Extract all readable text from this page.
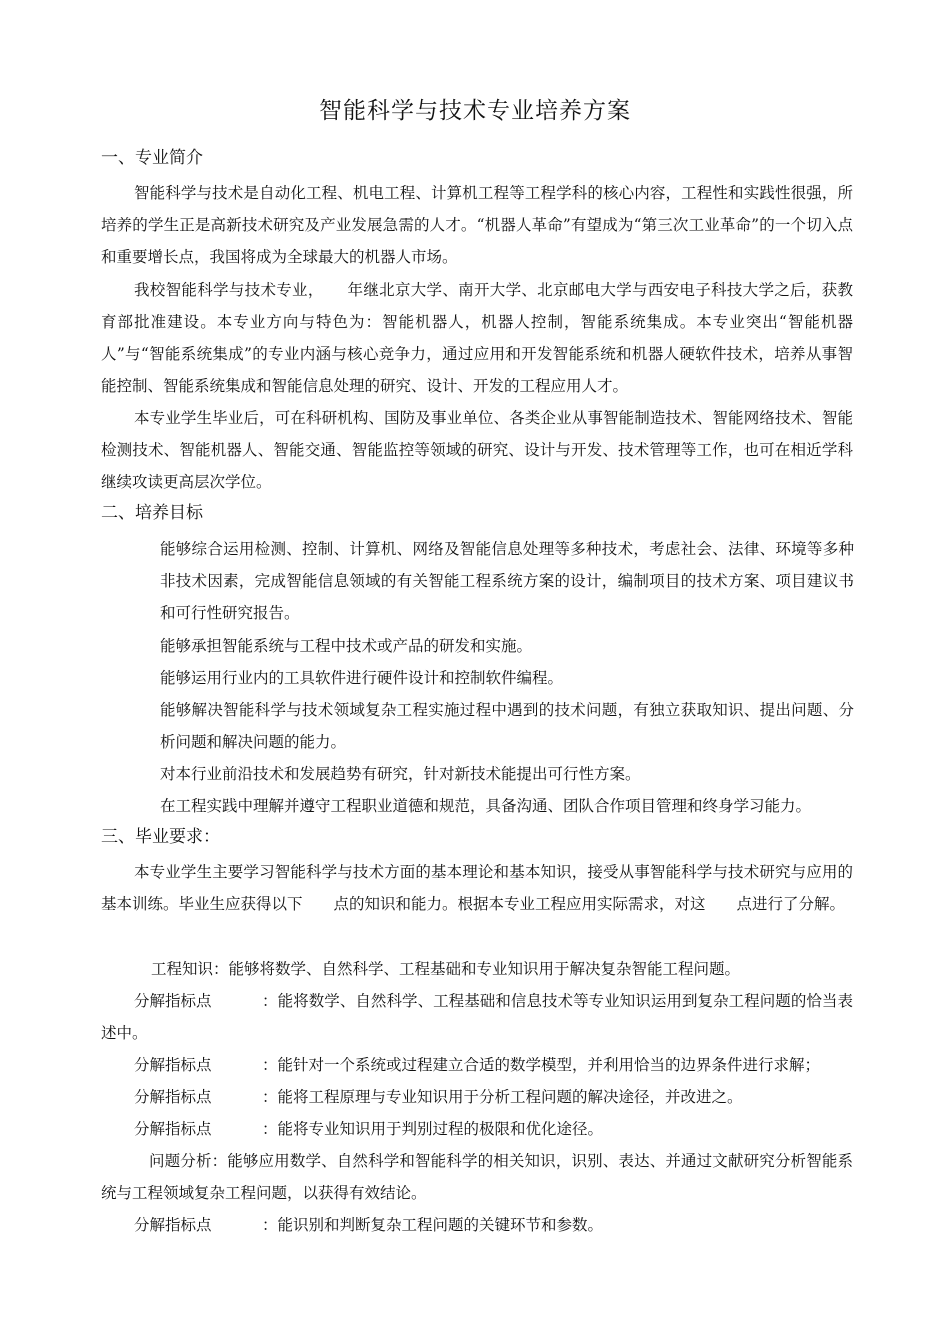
智能科学与技术专业培养方案
一、专业简介
智能科学与技术是自动化工程、机电工程、计算机工程等工程学科的核心内容，工程性和实践性很强，所培养的学生正是高新技术研究及产业发展急需的人才。“机器人革命”有望成为“第三次工业革命”的一个切入点和重要增长点，我国将成为全球最大的机器人市场。
我校智能科学与技术专业，　　年继北京大学、南开大学、北京邮电大学与西安电子科技大学之后，获教育部批准建设。本专业方向与特色为：智能机器人，机器人控制，智能系统集成。本专业突出“智能机器人”与“智能系统集成”的专业内涵与核心竞争力，通过应用和开发智能系统和机器人硬软件技术，培养从事智能控制、智能系统集成和智能信息处理的研究、设计、开发的工程应用人才。
本专业学生毕业后，可在科研机构、国防及事业单位、各类企业从事智能制造技术、智能网络技术、智能检测技术、智能机器人、智能交通、智能监控等领域的研究、设计与开发、技术管理等工作，也可在相近学科继续攻读更高层次学位。
二、培养目标
能够综合运用检测、控制、计算机、网络及智能信息处理等多种技术，考虑社会、法律、环境等多种非技术因素，完成智能信息领域的有关智能工程系统方案的设计，编制项目的技术方案、项目建议书和可行性研究报告。
能够承担智能系统与工程中技术或产品的研发和实施。
能够运用行业内的工具软件进行硬件设计和控制软件编程。
能够解决智能科学与技术领域复杂工程实施过程中遇到的技术问题，有独立获取知识、提出问题、分析问题和解决问题的能力。
对本行业前沿技术和发展趋势有研究，针对新技术能提出可行性方案。
在工程实践中理解并遵守工程职业道德和规范，具备沟通、团队合作项目管理和终身学习能力。
三、毕业要求：
本专业学生主要学习智能科学与技术方面的基本理论和基本知识，接受从事智能科学与技术研究与应用的基本训练。毕业生应获得以下　　点的知识和能力。根据本专业工程应用实际需求，对这　　点进行了分解。
工程知识：能够将数学、自然科学、工程基础和专业知识用于解决复杂智能工程问题。
分解指标点	：能将数学、自然科学、工程基础和信息技术等专业知识运用到复杂工程问题的恰当表述中。
分解指标点	：能针对一个系统或过程建立合适的数学模型，并利用恰当的边界条件进行求解；
分解指标点	：能将工程原理与专业知识用于分析工程问题的解决途径，并改进之。
分解指标点	：能将专业知识用于判别过程的极限和优化途径。
问题分析：能够应用数学、自然科学和智能科学的相关知识，识别、表达、并通过文献研究分析智能系统与工程领域复杂工程问题，以获得有效结论。
分解指标点	：能识别和判断复杂工程问题的关键环节和参数。
